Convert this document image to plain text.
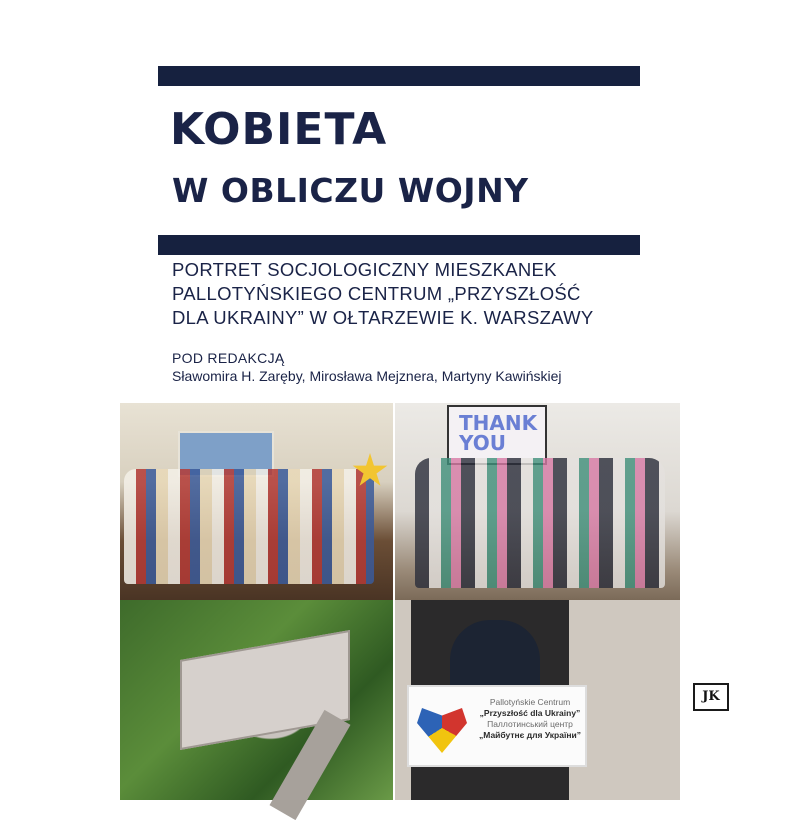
KOBIETA
W OBLICZU WOJNY
PORTRET SOCJOLOGICZNY MIESZKANEK
PALLOTYŃSKIEGO CENTRUM „PRZYSZŁOŚĆ
DLA UKRAINY” W OŁTARZEWIE K. WARSZAWY
POD REDAKCJĄ
Sławomira H. Zaręby, Mirosława Mejznera, Martyny Kawińskiej
THANK YOU
Pallotyńskie Centrum
„Przyszłość dla Ukrainy”
Паллотинський центр
„Майбутнє для України”
JK
